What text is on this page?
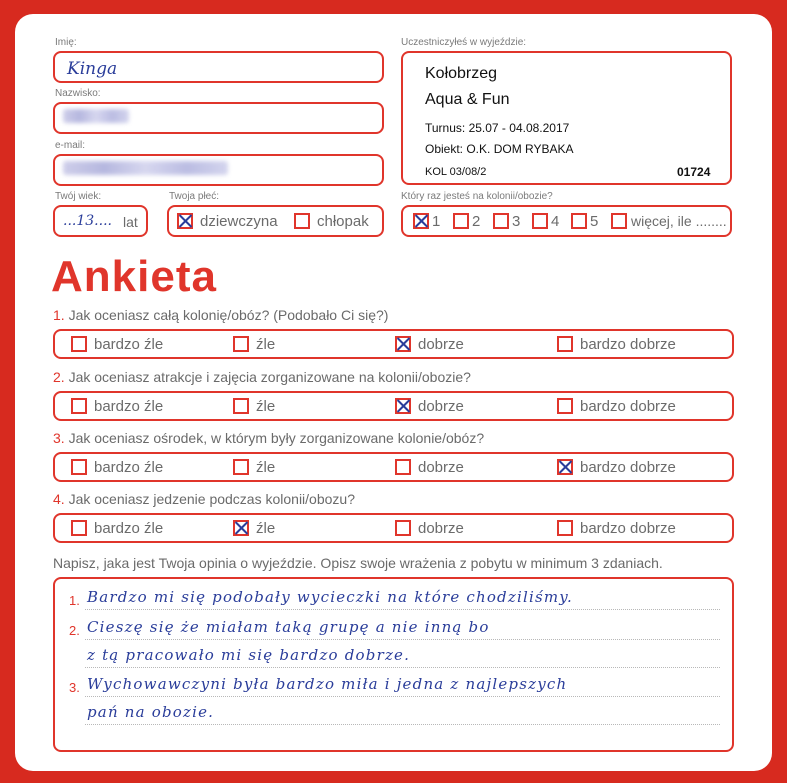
Imię:
Kinga
Nazwisko:
e-mail:
Twój wiek:
...13.... lat
Twoja płeć:
dziewczyna	chłopak
Uczestniczyłeś w wyjeździe:
Kołobrzeg
Aqua & Fun
Turnus: 25.07 - 04.08.2017
Obiekt: O.K. DOM RYBAKA
KOL 03/08/2	01724
Który raz jesteś na kolonii/obozie?
1 2 3 4 5 więcej, ile ........
Ankieta
1. Jak oceniasz całą kolonię/obóz? (Podobało Ci się?)
bardzo źle	źle	dobrze	bardzo dobrze
2. Jak oceniasz atrakcje i zajęcia zorganizowane na kolonii/obozie?
bardzo źle	źle	dobrze	bardzo dobrze
3. Jak oceniasz ośrodek, w którym były zorganizowane kolonie/obóz?
bardzo źle	źle	dobrze	bardzo dobrze
4. Jak oceniasz jedzenie podczas kolonii/obozu?
bardzo źle	źle	dobrze	bardzo dobrze
Napisz, jaka jest Twoja opinia o wyjeździe. Opisz swoje wrażenia z pobytu w minimum 3 zdaniach.
1. Bardzo mi się podobały wycieczki na które chodziliśmy.
2. Cieszę się że miałam taką grupę a nie inną bo
z tą pracowało mi się bardzo dobrze.
3. Wychowawczyni była bardzo miła i jedna z najlepszych
pań na obozie.
